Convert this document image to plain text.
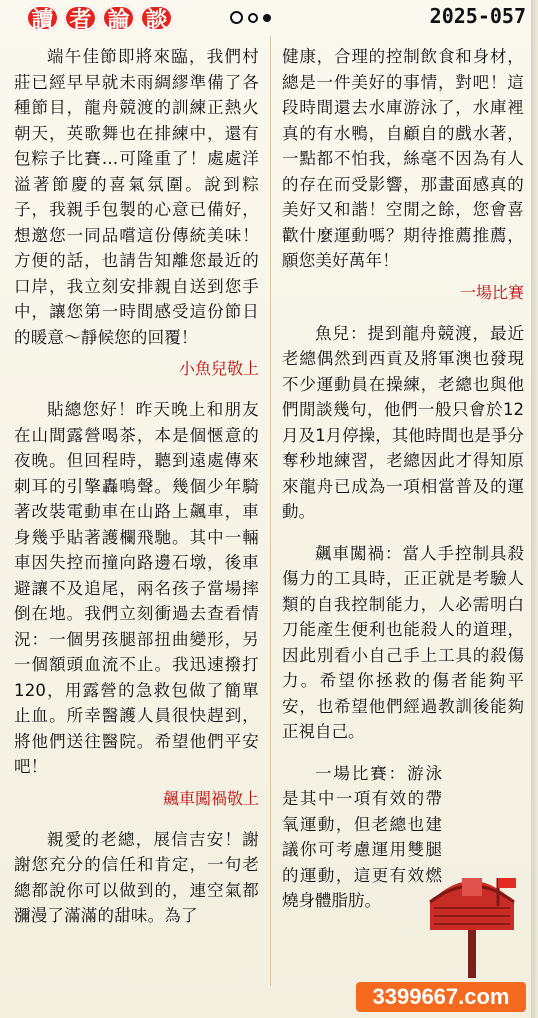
讀 者 論 談	2025-057
端午佳節即將來臨，我們村莊已經早早就未雨綢繆準備了各種節目，龍舟競渡的訓練正熱火朝天，英歌舞也在排練中，還有包粽子比賽…可隆重了！處處洋溢著節慶的喜氣氛圍。說到粽子，我親手包製的心意已備好，想邀您一同品嚐這份傳統美味！方便的話，也請告知離您最近的口岸，我立刻安排親自送到您手中，讓您第一時間感受這份節日的暖意～靜候您的回覆！
小魚兒敬上
貼總您好！昨天晚上和朋友在山間露營喝茶，本是個愜意的夜晚。但回程時，聽到遠處傳來刺耳的引擎轟鳴聲。幾個少年騎著改裝電動車在山路上飆車，車身幾乎貼著護欄飛馳。其中一輛車因失控而撞向路邊石墩，後車避讓不及追尾，兩名孩子當場摔倒在地。我們立刻衝過去查看情況：一個男孩腿部扭曲變形，另一個額頭血流不止。我迅速撥打120，用露營的急救包做了簡單止血。所幸醫護人員很快趕到，將他們送往醫院。希望他們平安吧！
飆車闖禍敬上
親愛的老總，展信吉安！謝謝您充分的信任和肯定，一句老總都說你可以做到的，連空氣都瀰漫了滿滿的甜味。為了
健康，合理的控制飲食和身材，總是一件美好的事情，對吧！這段時間還去水庫游泳了，水庫裡真的有水鴨，自顧自的戲水著，一點都不怕我，絲毫不因為有人的存在而受影響，那畫面感真的美好又和諧！空閒之餘，您會喜歡什麼運動嗎？期待推薦推薦，願您美好萬年！
一場比賽
魚兒：提到龍舟競渡，最近老總偶然到西貢及將軍澳也發現不少運動員在操練，老總也與他們閒談幾句，他們一般只會於12月及1月停操，其他時間也是爭分奪秒地練習，老總因此才得知原來龍舟已成為一項相當普及的運動。
飆車闖禍：當人手控制具殺傷力的工具時，正正就是考驗人類的自我控制能力，人必需明白刀能產生便利也能殺人的道理，因此別看小自己手上工具的殺傷力。希望你拯救的傷者能夠平安，也希望他們經過教訓後能夠正視自己。
一場比賽：游泳是其中一項有效的帶氧運動，但老總也建議你可考慮運用雙腿的運動，這更有效燃燒身體脂肪。
3399667.com
